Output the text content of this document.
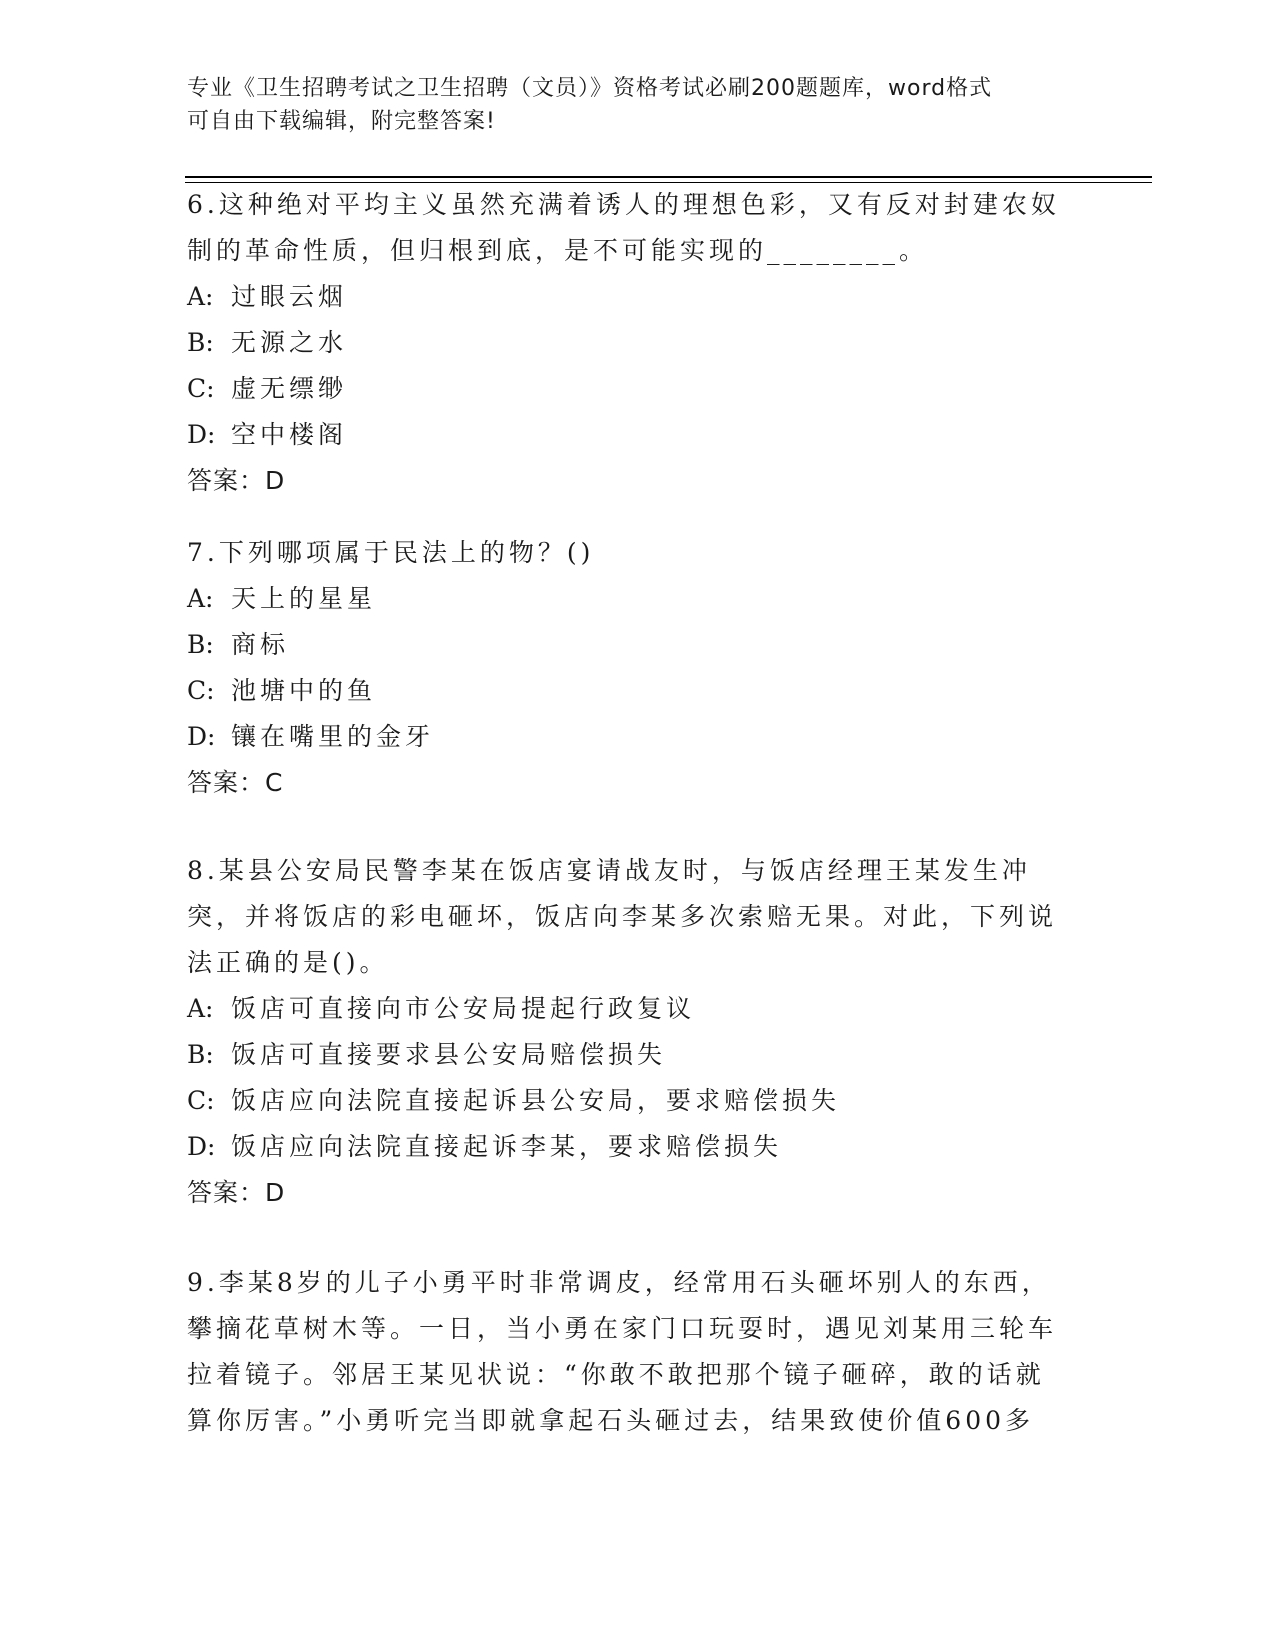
专业《卫生招聘考试之卫生招聘（文员）》资格考试必刷200题题库，word格式
可自由下载编辑，附完整答案!
6.这种绝对平均主义虽然充满着诱人的理想色彩，又有反对封建农奴制的革命性质，但归根到底，是不可能实现的________。
A: 过眼云烟
B: 无源之水
C: 虚无缥缈
D: 空中楼阁
答案：D
7.下列哪项属于民法上的物？()
A: 天上的星星
B: 商标
C: 池塘中的鱼
D: 镶在嘴里的金牙
答案：C
8.某县公安局民警李某在饭店宴请战友时，与饭店经理王某发生冲突，并将饭店的彩电砸坏，饭店向李某多次索赔无果。对此，下列说法正确的是()。
A: 饭店可直接向市公安局提起行政复议
B: 饭店可直接要求县公安局赔偿损失
C: 饭店应向法院直接起诉县公安局，要求赔偿损失
D: 饭店应向法院直接起诉李某，要求赔偿损失
答案：D
9.李某8岁的儿子小勇平时非常调皮，经常用石头砸坏别人的东西，攀摘花草树木等。一日，当小勇在家门口玩耍时，遇见刘某用三轮车拉着镜子。邻居王某见状说：“你敢不敢把那个镜子砸碎，敢的话就算你厉害。”小勇听完当即就拿起石头砸过去，结果致使价值600多
